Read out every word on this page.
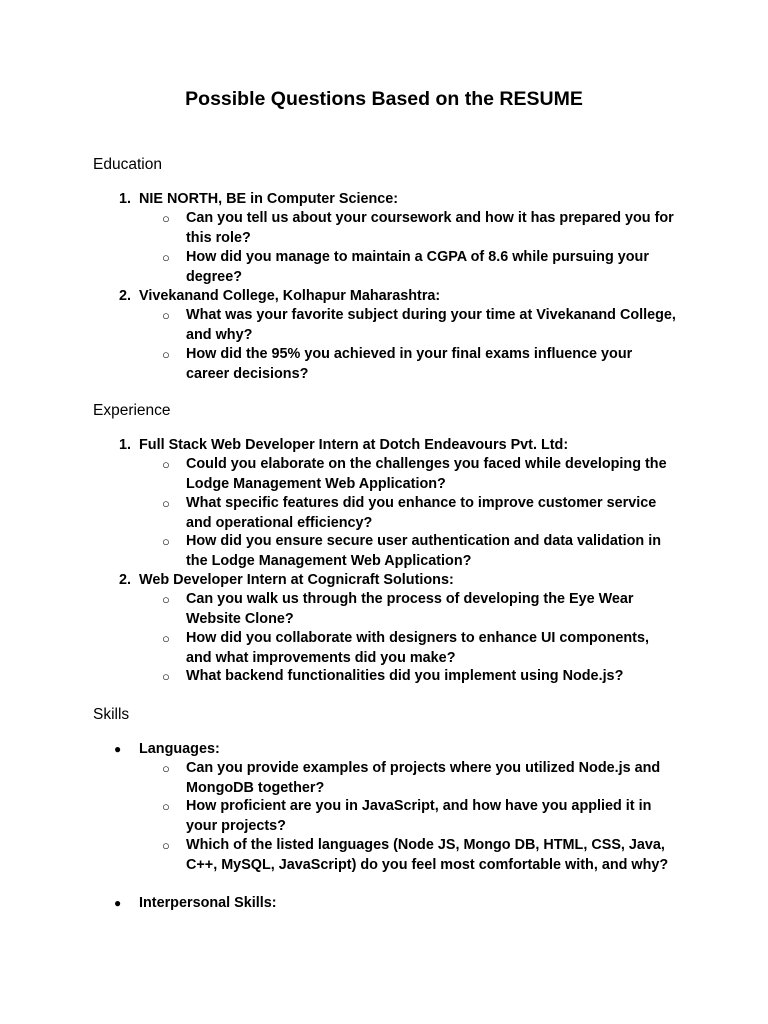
Possible Questions Based on the RESUME
Education
1. NIE NORTH, BE in Computer Science:
○ Can you tell us about your coursework and how it has prepared you for this role?
○ How did you manage to maintain a CGPA of 8.6 while pursuing your degree?
2. Vivekanand College, Kolhapur Maharashtra:
○ What was your favorite subject during your time at Vivekanand College, and why?
○ How did the 95% you achieved in your final exams influence your career decisions?
Experience
1. Full Stack Web Developer Intern at Dotch Endeavours Pvt. Ltd:
○ Could you elaborate on the challenges you faced while developing the Lodge Management Web Application?
○ What specific features did you enhance to improve customer service and operational efficiency?
○ How did you ensure secure user authentication and data validation in the Lodge Management Web Application?
2. Web Developer Intern at Cognicraft Solutions:
○ Can you walk us through the process of developing the Eye Wear Website Clone?
○ How did you collaborate with designers to enhance UI components, and what improvements did you make?
○ What backend functionalities did you implement using Node.js?
Skills
● Languages:
○ Can you provide examples of projects where you utilized Node.js and MongoDB together?
○ How proficient are you in JavaScript, and how have you applied it in your projects?
○ Which of the listed languages (Node JS, Mongo DB, HTML, CSS, Java, C++, MySQL, JavaScript) do you feel most comfortable with, and why?
● Interpersonal Skills:
